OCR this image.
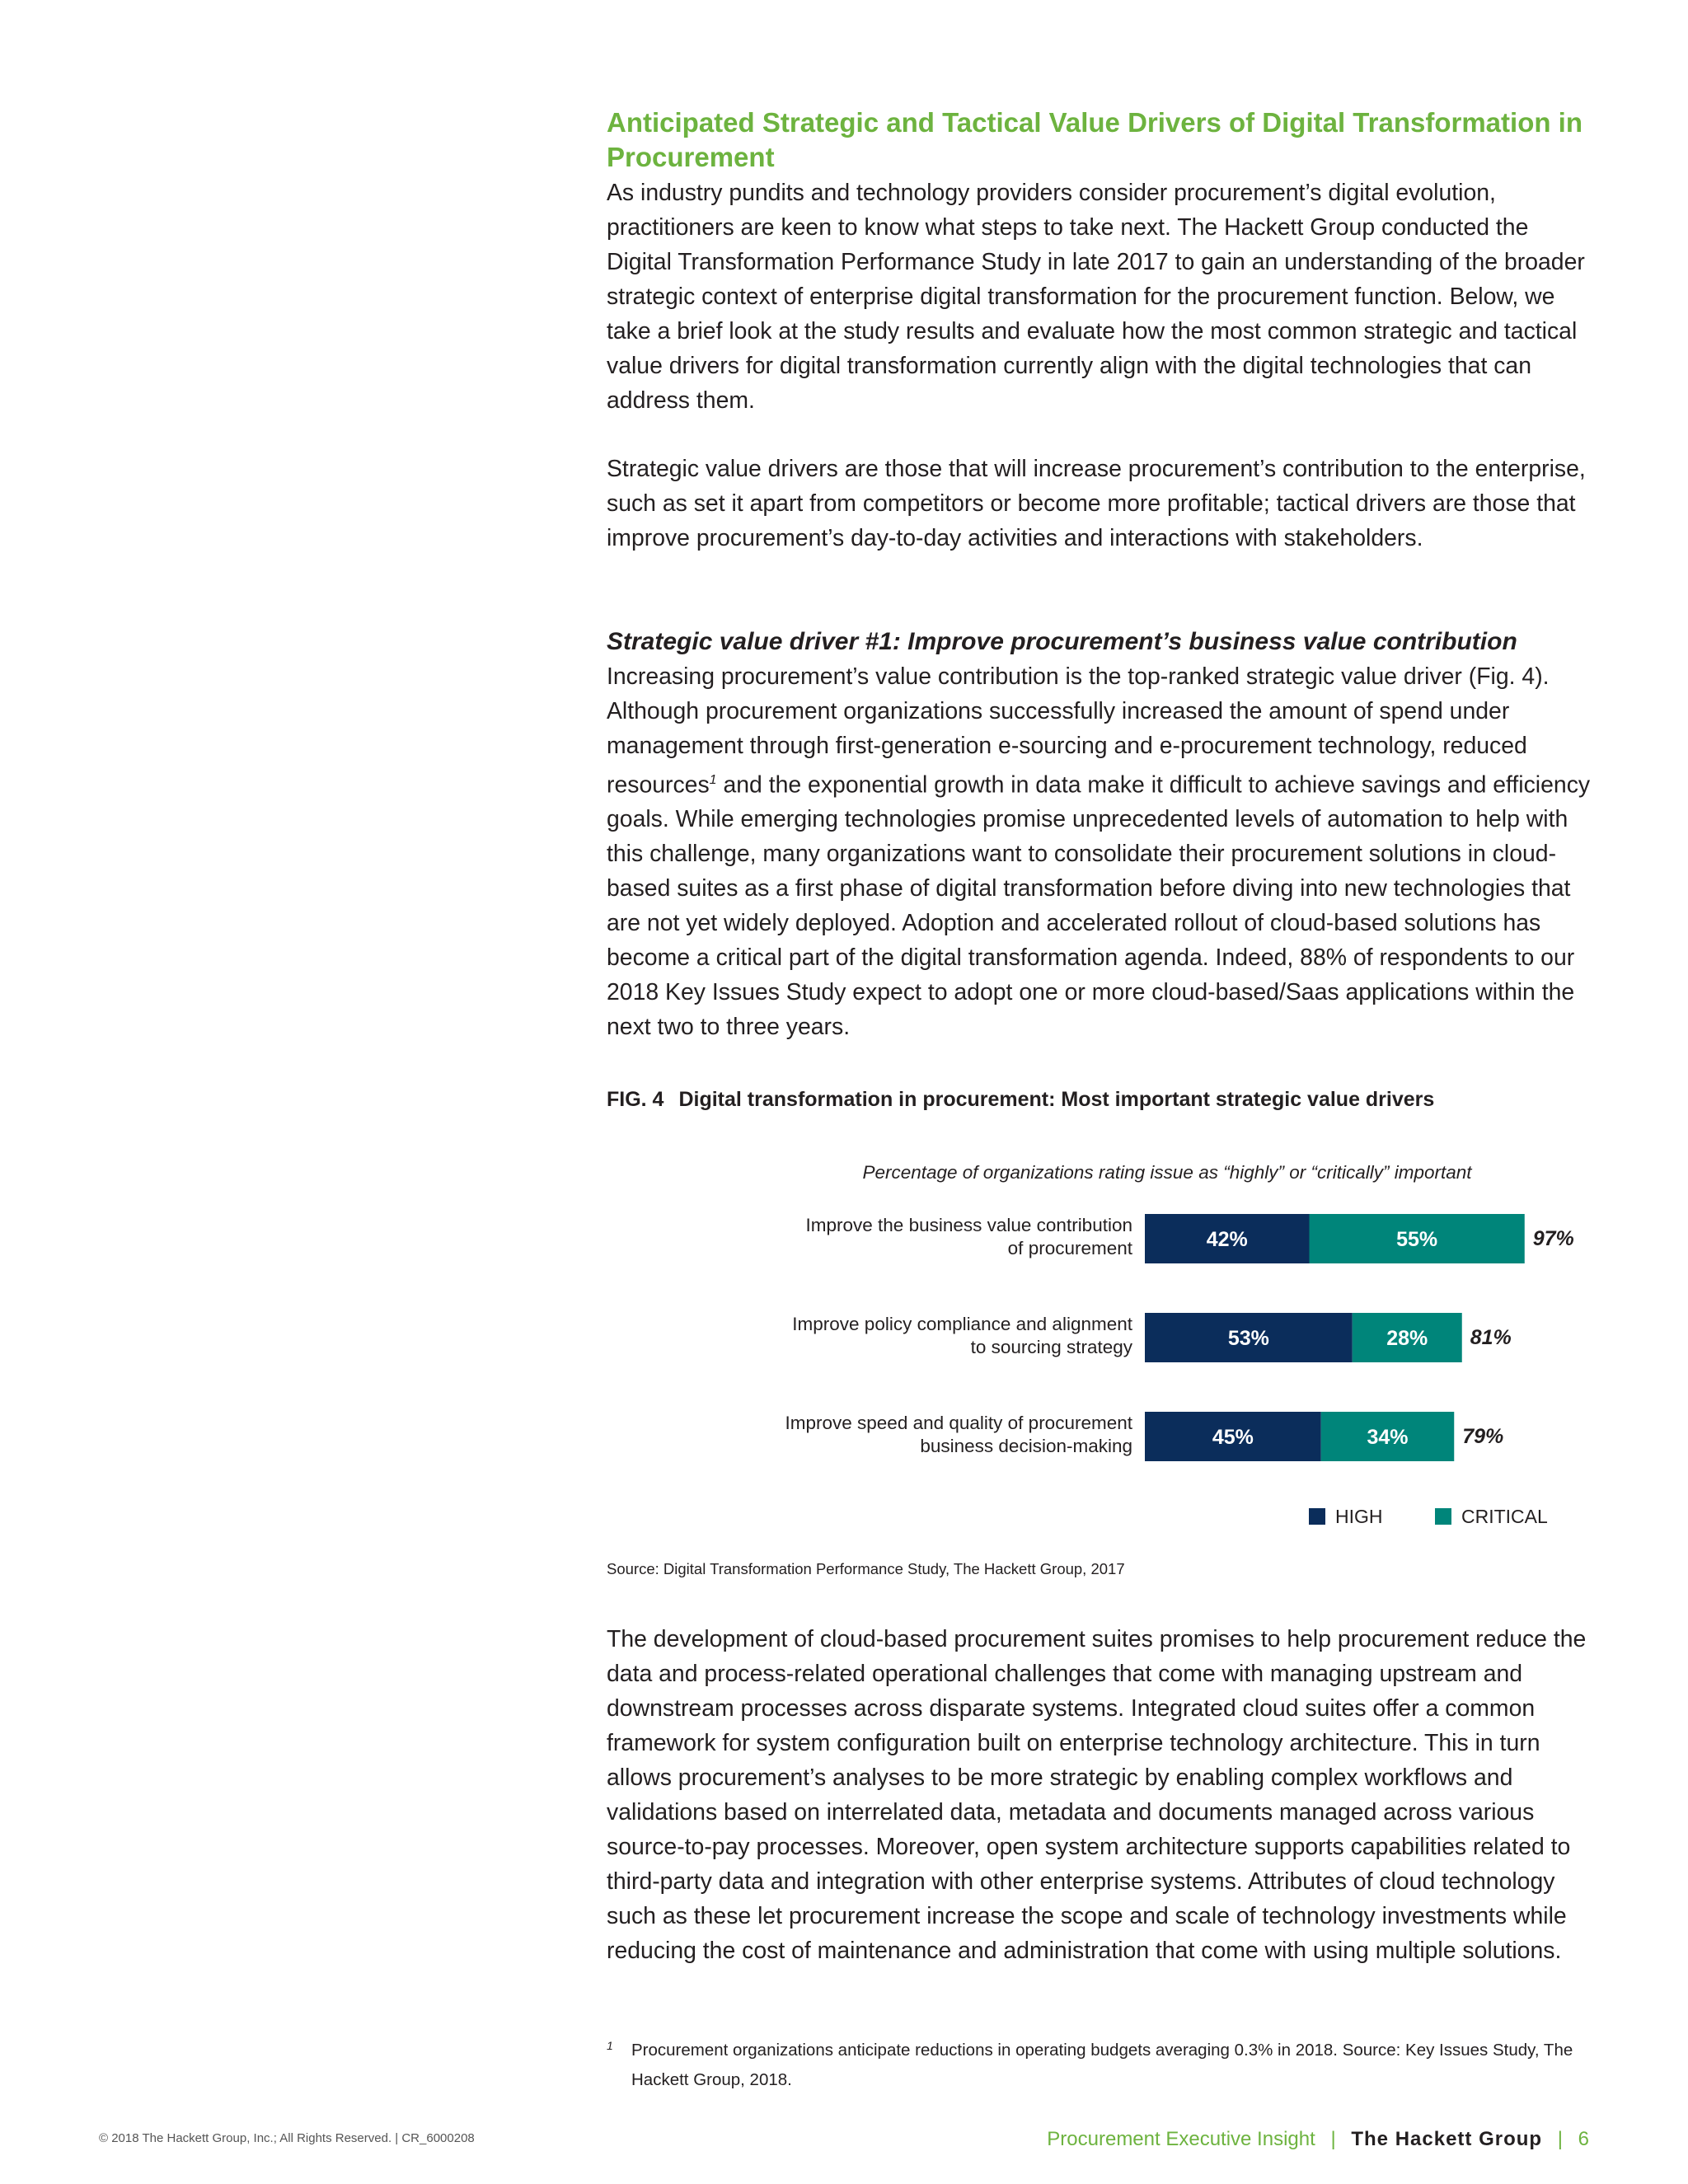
Anticipated Strategic and Tactical Value Drivers of Digital Transformation in Procurement

As industry pundits and technology providers consider procurement’s digital evolution, practitioners are keen to know what steps to take next. The Hackett Group conducted the Digital Transformation Performance Study in late 2017 to gain an understanding of the broader strategic context of enterprise digital transformation for the procurement function. Below, we take a brief look at the study results and evaluate how the most common strategic and tactical value drivers for digital transformation currently align with the digital technologies that can address them.

Strategic value drivers are those that will increase procurement’s contribution to the enterprise, such as set it apart from competitors or become more profitable; tactical drivers are those that improve procurement’s day-to-day activities and interactions with stakeholders.

Strategic value driver #1: Improve procurement’s business value contribution

Increasing procurement’s value contribution is the top-ranked strategic value driver (Fig. 4). Although procurement organizations successfully increased the amount of spend under management through first-generation e-sourcing and e-procurement technology, reduced resources$^1$ and the exponential growth in data make it difficult to achieve savings and efficiency goals. While emerging technologies promise unprecedented levels of automation to help with this challenge, many organizations want to consolidate their procurement solutions in cloud-based suites as a first phase of digital transformation before diving into new technologies that are not yet widely deployed. Adoption and accelerated rollout of cloud-based solutions has become a critical part of the digital transformation agenda. Indeed, 88% of respondents to our 2018 Key Issues Study expect to adopt one or more cloud-based/Saas applications within the next two to three years.

FIG. 4 Digital transformation in procurement: Most important strategic value drivers

Percentage of organizations rating issue as “highly” or “critically” important
Improve the business value contribution
of procurement	42%	55%	97%
Improve policy compliance and alignment
to sourcing strategy	53%	28% 81%
Improve speed and quality of procurement
business decision-making	45%	34%	79%
HIGH	CRITICAL

Source: Digital Transformation Performance Study, The Hackett Group, 2017

The development of cloud-based procurement suites promises to help procurement reduce the data and process-related operational challenges that come with managing upstream and downstream processes across disparate systems. Integrated cloud suites offer a common framework for system configuration built on enterprise technology architecture. This in turn allows procurement’s analyses to be more strategic by enabling complex workflows and validations based on interrelated data, metadata and documents managed across various source-to-pay processes. Moreover, open system architecture supports capabilities related to third-party data and integration with other enterprise systems. Attributes of cloud technology such as these let procurement increase the scope and scale of technology investments while reducing the cost of maintenance and administration that come with using multiple solutions.

1	Procurement organizations anticipate reductions in operating budgets averaging 0.3% in 2018. Source: Key Issues Study, The Hackett Group, 2018.
© 2018 The Hackett Group, Inc.; All Rights Reserved. | CR_6000208	Procurement Executive Insight | The Hackett Group | 6
